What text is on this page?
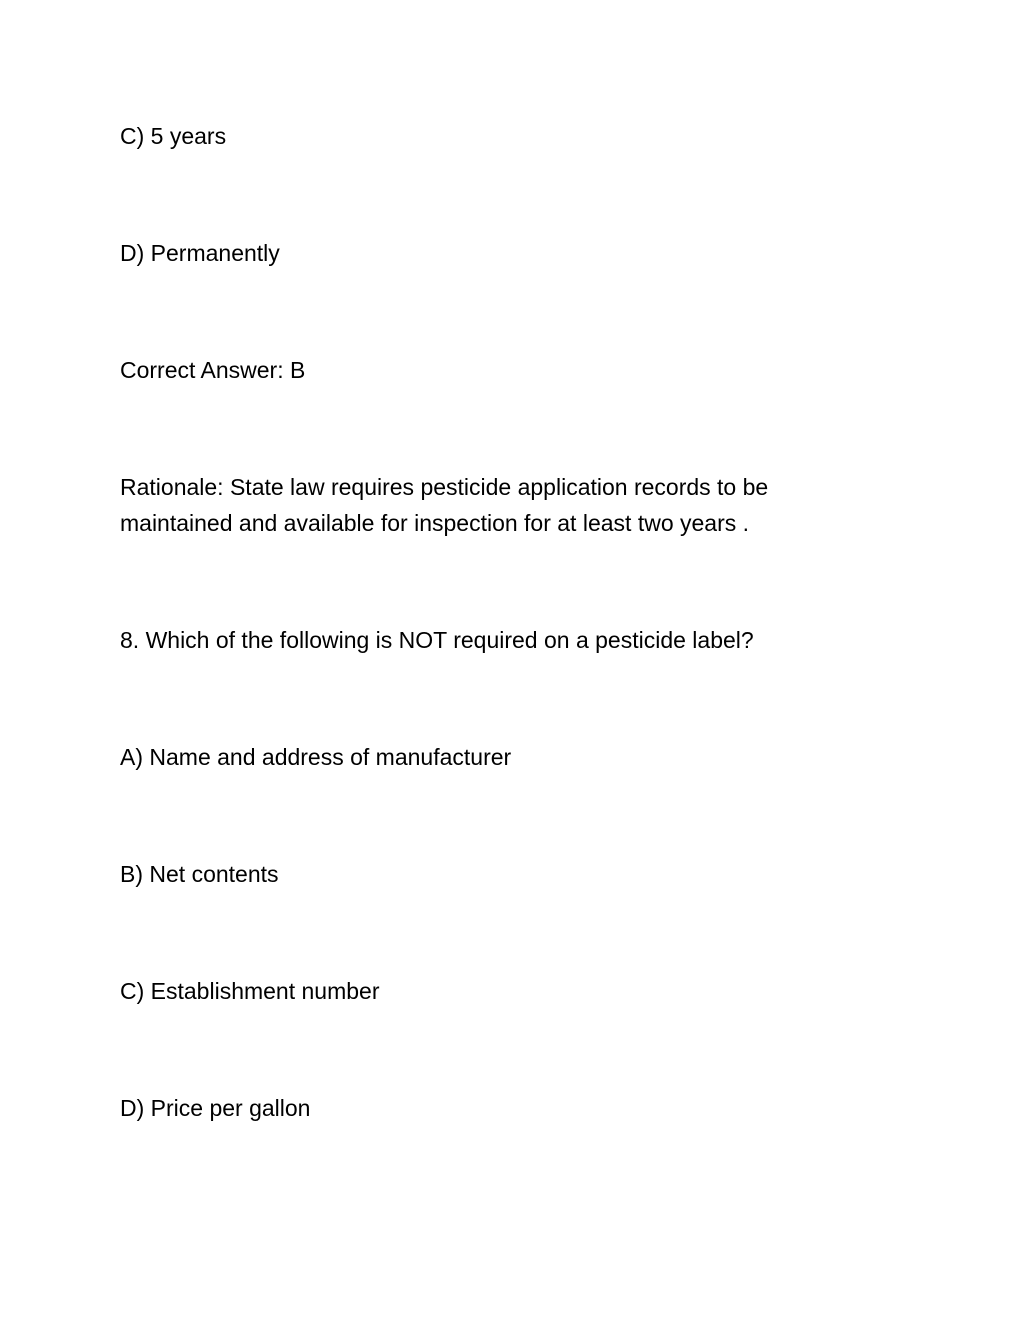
C) 5 years
D) Permanently
Correct Answer: B
Rationale: State law requires pesticide application records to be
maintained and available for inspection for at least two years .
8. Which of the following is NOT required on a pesticide label?
A) Name and address of manufacturer
B) Net contents
C) Establishment number
D) Price per gallon
